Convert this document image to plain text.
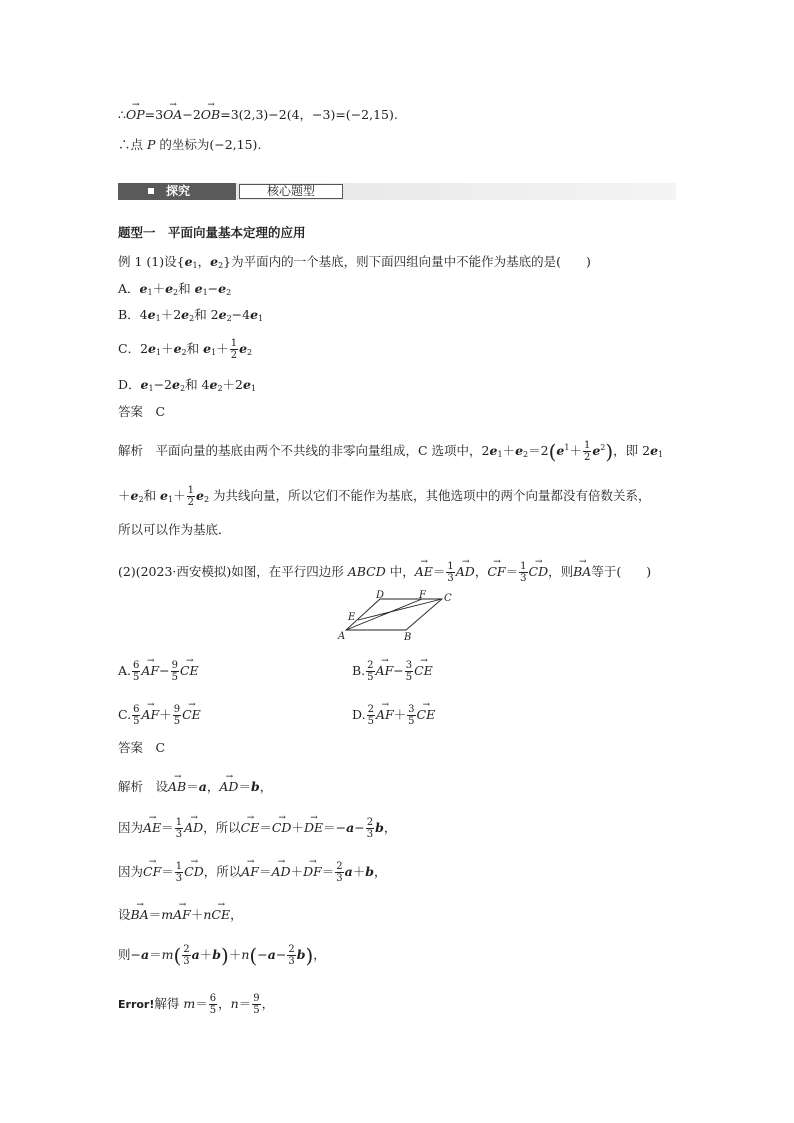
∴→ OP=3→ OA−2→ OB=3(2,3)−2(4，−3)=(−2,15).
∴点 P 的坐标为(−2,15).
探究	核心题型
题型一　平面向量基本定理的应用
例 1 (1)设{$e_1$，$e_2$}为平面内的一个基底，则下面四组向量中不能作为基底的是(　　)
A．$e_1+e_2$和 $e_1-e_2$
B．$4e_1+2e_2$和 $2e_2-4e_1$
C．$2e_1+e_2$和 $e_1+ \frac{1}{2} e_2$
D．$e_1-2e_2$和 $4e_2+2e_1$
答案　C
解析　平面向量的基底由两个不共线的非零向量组成，C 选项中，$2e_1+e_2=2(e^1+ \frac{1}{2} e^2)$，即 $2e_1$
$+e_2$和 $e_1+ \frac{1}{2} e_2$ 为共线向量，所以它们不能作为基底，其他选项中的两个向量都没有倍数关系，
所以可以作为基底．
(2)(2023·西安模拟)如图，在平行四边形 ABCD 中，→ $AE= \frac{1}{3}$
→ AD，→ $CF= \frac{1}{3}$
→ CD，则→ BA等于(　　)
A	B
C
D
E
F
A. $\frac{6}{5}$
→ $AF- \frac{9}{5}$
→ CE	B. $\frac{2}{5}$
→ $AF- \frac{3}{5}$
→ CE
C. $\frac{6}{5}$
→ $AF+ \frac{9}{5}$
→ CE	D. $\frac{2}{5}$
→ $AF+ \frac{3}{5}$
→ CE
答案　C
解析　设→ AB＝a，→ AD＝b，
因为→ $AE= \frac{1}{3}$
→ AD，所以→ $CE=\to CD+\to DE=-a- \frac{2}{3}$ b，
因为→ $CF= \frac{1}{3}$
→ CD，所以→ $AF=\to AD+\to DF= \frac{2}{3} a+b$，
设→ BA＝m→ AF＋n→ CE，
则$-a=m( \frac{2}{3} a+b)+n(-a- \frac{2}{3} b)$，
Error!解得 $m= \frac{6}{5}$ ，$n= \frac{9}{5}$ ，
